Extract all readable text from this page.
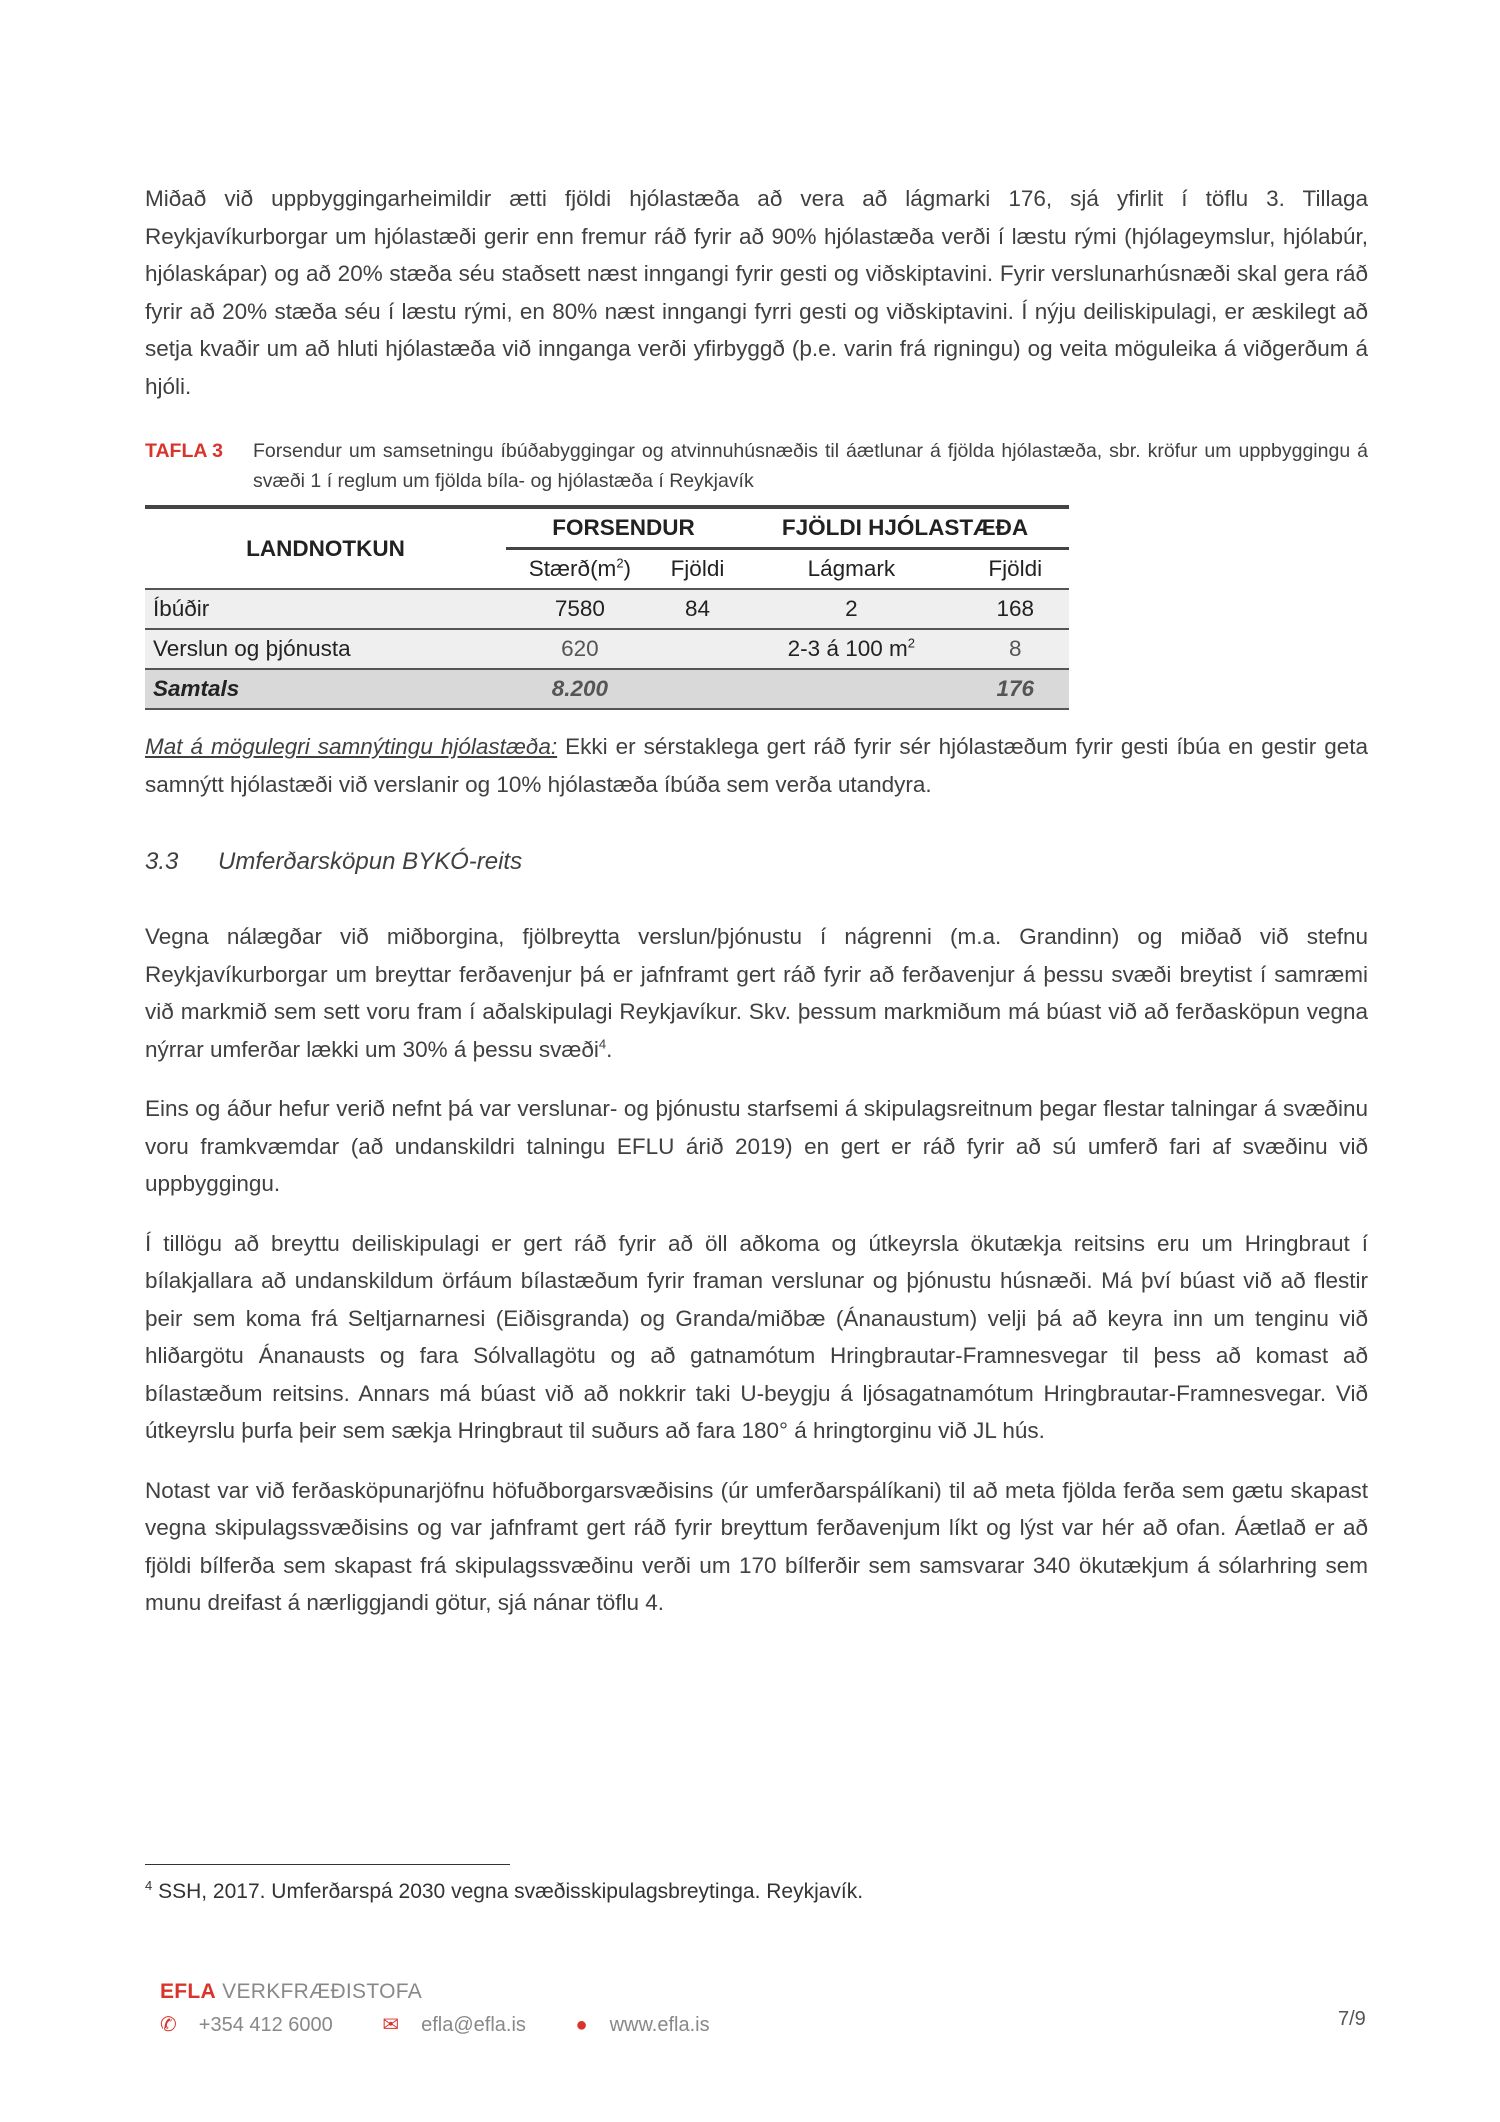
Miðað við uppbyggingarheimildir ætti fjöldi hjólastæða að vera að lágmarki 176, sjá yfirlit í töflu 3. Tillaga Reykjavíkurborgar um hjólastæði gerir enn fremur ráð fyrir að 90% hjólastæða verði í læstu rými (hjólageymslur, hjólabúr, hjólaskápar) og að 20% stæða séu staðsett næst inngangi fyrir gesti og viðskiptavini. Fyrir verslunarhúsnæði skal gera ráð fyrir að 20% stæða séu í læstu rými, en 80% næst inngangi fyrri gesti og viðskiptavini. Í nýju deiliskipulagi, er æskilegt að setja kvaðir um að hluti hjólastæða við innganga verði yfirbyggð (þ.e. varin frá rigningu) og veita möguleika á viðgerðum á hjóli.

TAFLA 3	Forsendur um samsetningu íbúðabyggingar og atvinnuhúsnæðis til áætlunar á fjölda hjólastæða, sbr. kröfur um uppbyggingu á svæði 1 í reglum um fjölda bíla- og hjólastæða í Reykjavík
LANDNOTKUN	FORSENDUR		FJÖLDI HJÓLASTÆÐA	
	$Stærð(m^2)$	Fjöldi	Lágmark	Fjöldi
Íbúðir	7580	84	2	168
Verslun og þjónusta	620		2-3 á 100 $m^2$	8
Samtals	8.200			176

Mat á mögulegri samnýtingu hjólastæða: Ekki er sérstaklega gert ráð fyrir sér hjólastæðum fyrir gesti íbúa en gestir geta samnýtt hjólastæði við verslanir og 10% hjólastæða íbúða sem verða utandyra.

3.3 Umferðarsköpun BYKÓ-reits

Vegna nálægðar við miðborgina, fjölbreytta verslun/þjónustu í nágrenni (m.a. Grandinn) og miðað við stefnu Reykjavíkurborgar um breyttar ferðavenjur þá er jafnframt gert ráð fyrir að ferðavenjur á þessu svæði breytist í samræmi við markmið sem sett voru fram í aðalskipulagi Reykjavíkur. Skv. þessum markmiðum má búast við að ferðasköpun vegna nýrrar umferðar lækki um 30% á þessu svæði$^4$.

Eins og áður hefur verið nefnt þá var verslunar- og þjónustu starfsemi á skipulagsreitnum þegar flestar talningar á svæðinu voru framkvæmdar (að undanskildri talningu EFLU árið 2019) en gert er ráð fyrir að sú umferð fari af svæðinu við uppbyggingu.

Í tillögu að breyttu deiliskipulagi er gert ráð fyrir að öll aðkoma og útkeyrsla ökutækja reitsins eru um Hringbraut í bílakjallara að undanskildum örfáum bílastæðum fyrir framan verslunar og þjónustu húsnæði. Má því búast við að flestir þeir sem koma frá Seltjarnarnesi (Eiðisgranda) og Granda/miðbæ (Ánanaustum) velji þá að keyra inn um tenginu við hliðargötu Ánanausts og fara Sólvallagötu og að gatnamótum Hringbrautar-Framnesvegar til þess að komast að bílastæðum reitsins. Annars má búast við að nokkrir taki U-beygju á ljósagatnamótum Hringbrautar-Framnesvegar. Við útkeyrslu þurfa þeir sem sækja Hringbraut til suðurs að fara 180° á hringtorginu við JL hús.

Notast var við ferðasköpunarjöfnu höfuðborgarsvæðisins (úr umferðarspálíkani) til að meta fjölda ferða sem gætu skapast vegna skipulagssvæðisins og var jafnframt gert ráð fyrir breyttum ferðavenjum líkt og lýst var hér að ofan. Áætlað er að fjöldi bílferða sem skapast frá skipulagssvæðinu verði um 170 bílferðir sem samsvarar 340 ökutækjum á sólarhring sem munu dreifast á nærliggjandi götur, sjá nánar töflu 4.

$^4$ SSH, 2017. Umferðarspá 2030 vegna svæðisskipulagsbreytinga. Reykjavík.
EFLA VERKFRÆÐISTOFA
✆ +354 412 6000 ✉ efla@efla.is ● www.efla.is	7/9
